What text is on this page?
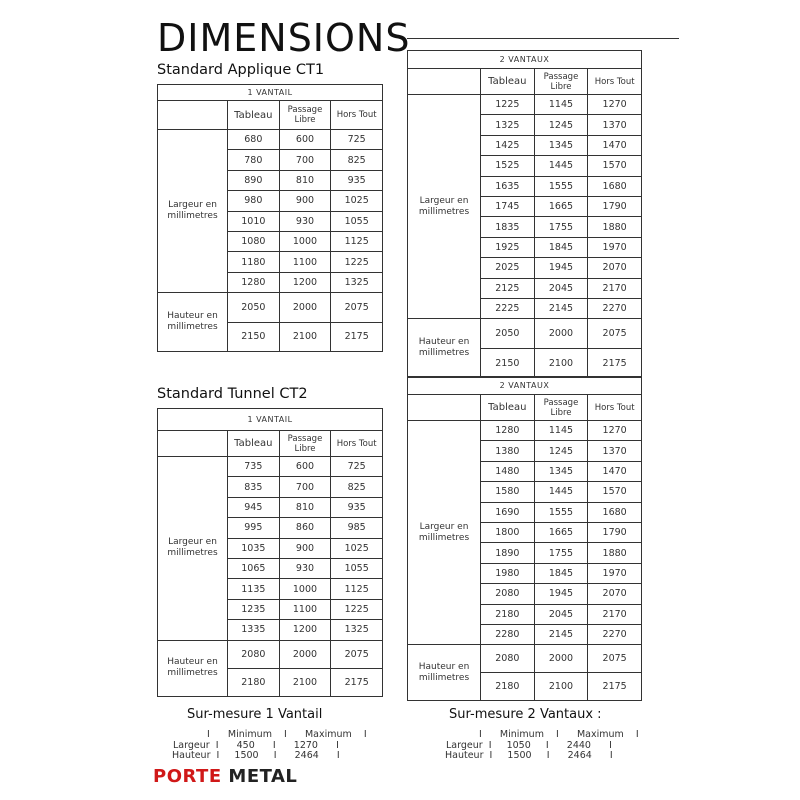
DIMENSIONS
Standard Applique CT1
Standard Tunnel CT2
1 VANTAIL			
	Tableau	Passage Libre	Hors Tout
Largeur en millimetres	680	600	725
	780	700	825
	890	810	935
	980	900	1025
	1010	930	1055
	1080	1000	1125
	1180	1100	1225
	1280	1200	1325
Hauteur en millimetres	2050	2000	2075
	2150	2100	2175
2 VANTAUX			
	Tableau	Passage Libre	Hors Tout
Largeur en millimetres	1225	1145	1270
	1325	1245	1370
	1425	1345	1470
	1525	1445	1570
	1635	1555	1680
	1745	1665	1790
	1835	1755	1880
	1925	1845	1970
	2025	1945	2070
	2125	2045	2170
	2225	2145	2270
Hauteur en millimetres	2050	2000	2075
	2150	2100	2175
1 VANTAIL			
	Tableau	Passage Libre	Hors Tout
Largeur en millimetres	735	600	725
	835	700	825
	945	810	935
	995	860	985
	1035	900	1025
	1065	930	1055
	1135	1000	1125
	1235	1100	1225
	1335	1200	1325
Hauteur en millimetres	2080	2000	2075
	2180	2100	2175
2 VANTAUX			
	Tableau	Passage Libre	Hors Tout
Largeur en millimetres	1280	1145	1270
	1380	1245	1370
	1480	1345	1470
	1580	1445	1570
	1690	1555	1680
	1800	1665	1790
	1890	1755	1880
	1980	1845	1970
	2080	1945	2070
	2180	2045	2170
	2280	2145	2270
Hauteur en millimetres	2080	2000	2075
	2180	2100	2175
Sur-mesure 1 Vantail
I      Minimum    I      Maximum    I
Largeur  I      450      I      1270      I
Hauteur  I     1500     I      2464      I
Sur-mesure 2 Vantaux :
I      Minimum    I      Maximum    I
Largeur  I     1050     I      2440      I
Hauteur  I     1500     I      2464      I
PORTE METAL
